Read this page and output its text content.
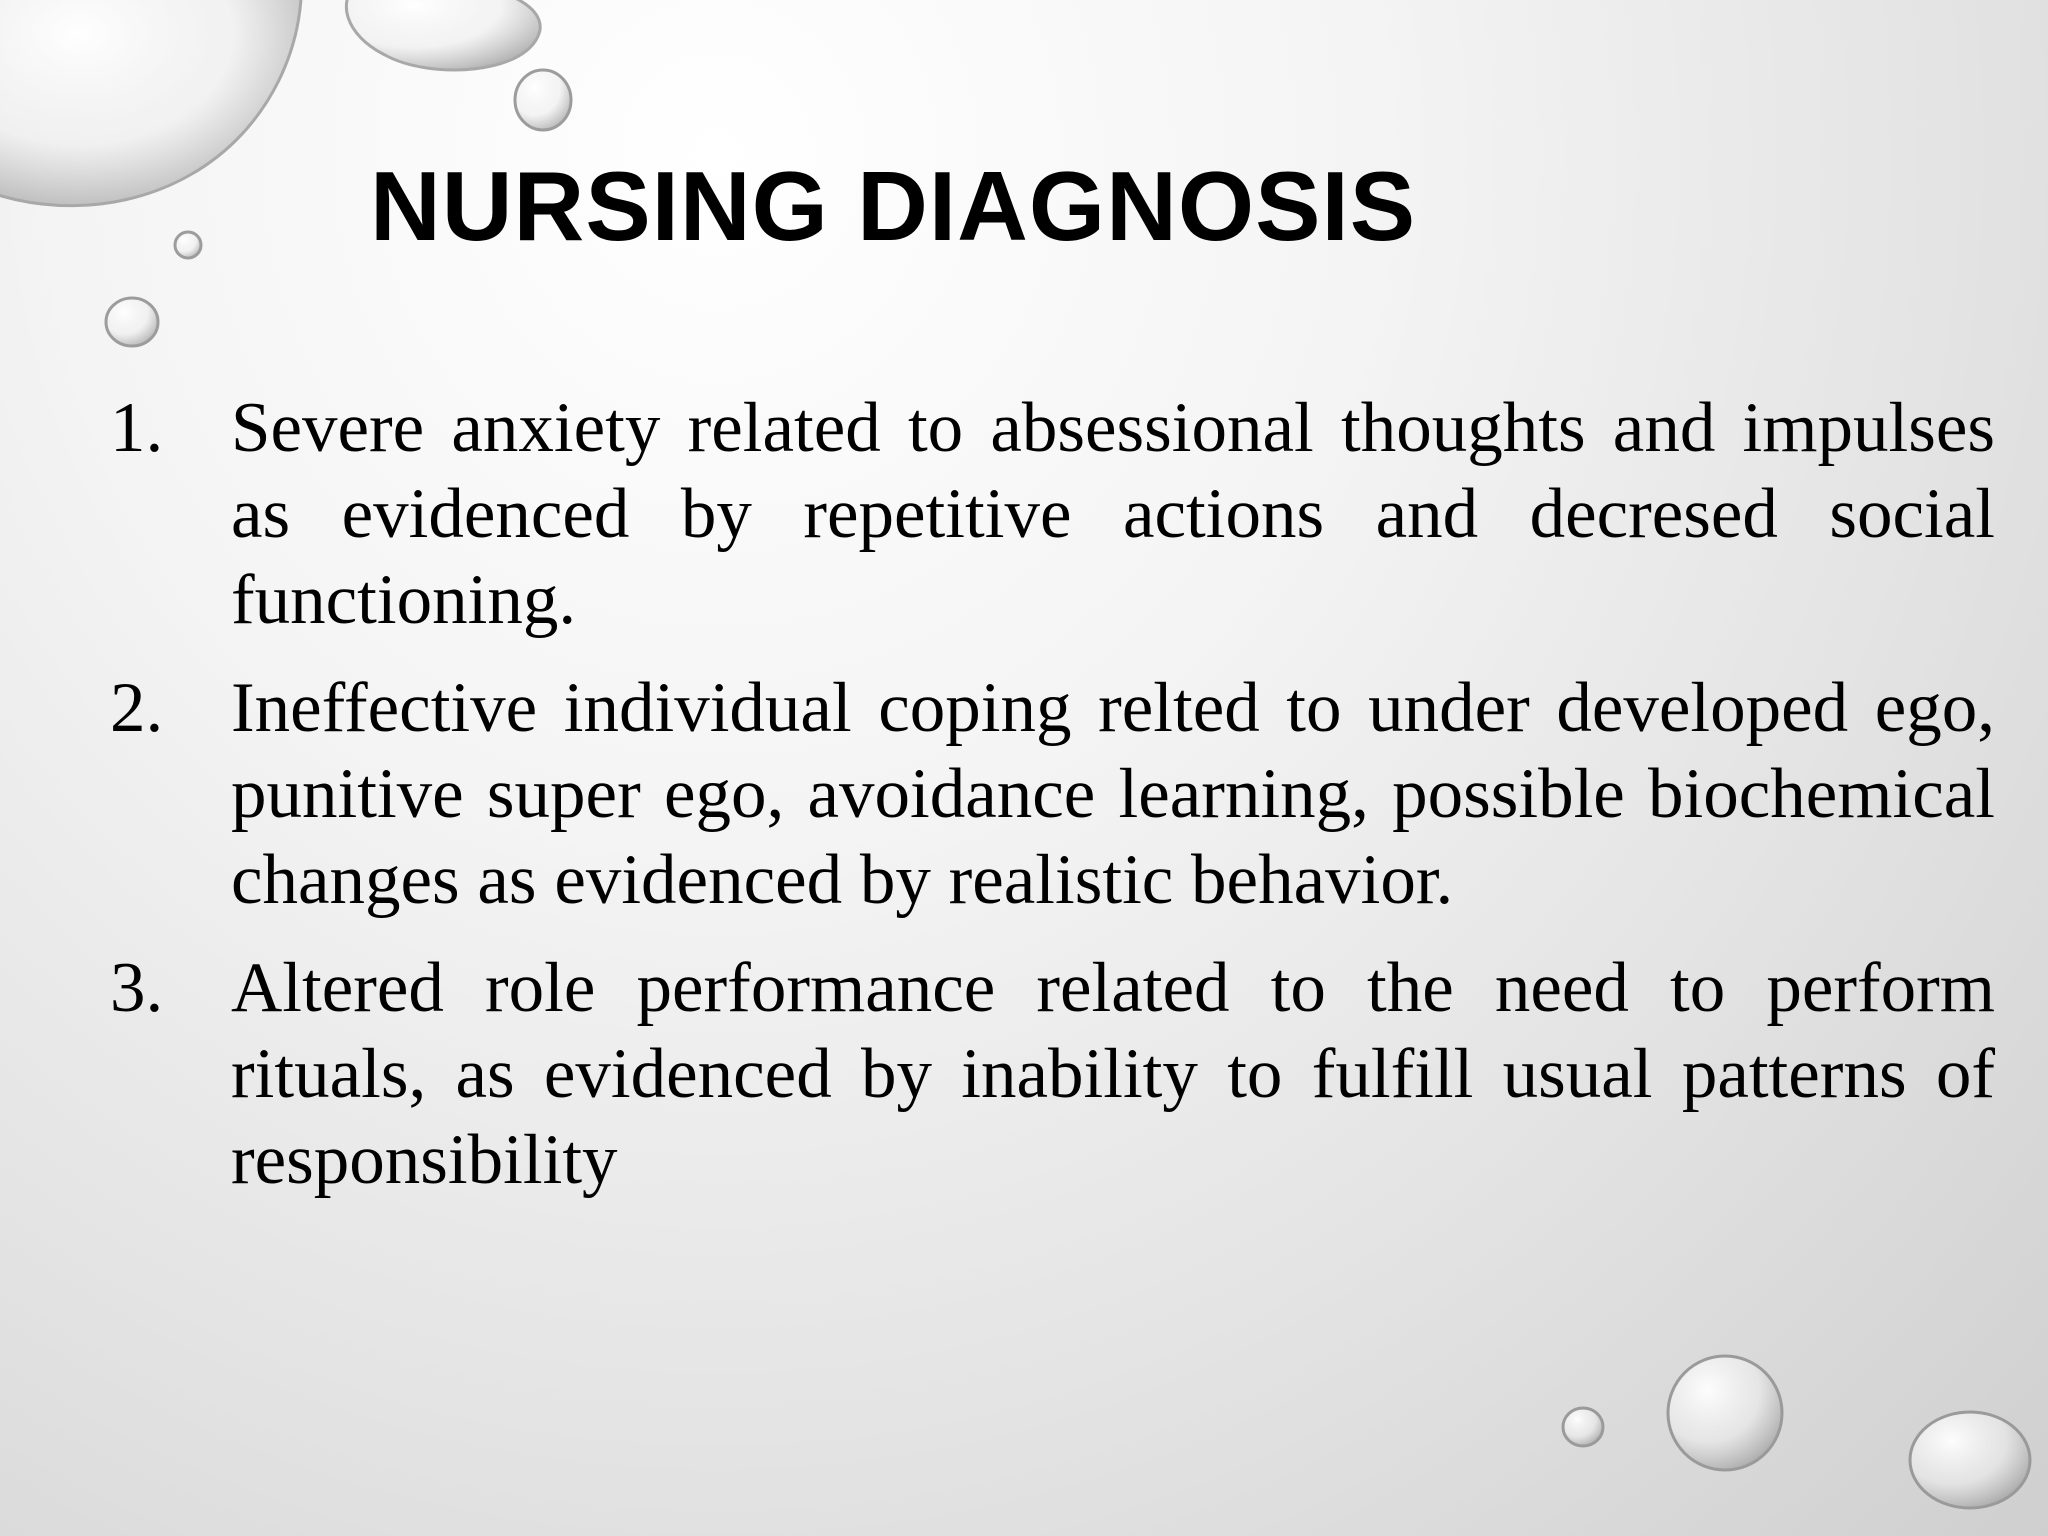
NURSING DIAGNOSIS
1. Severe anxiety related to absessional thoughts and impulses as evidenced by repetitive actions and decresed social functioning.
2. Ineffective individual coping relted to under developed ego, punitive super ego, avoidance learning, possible biochemical changes as evidenced by realistic behavior.
3. Altered role performance related to the need to perform rituals, as evidenced by inability to fulfill usual patterns of responsibility
